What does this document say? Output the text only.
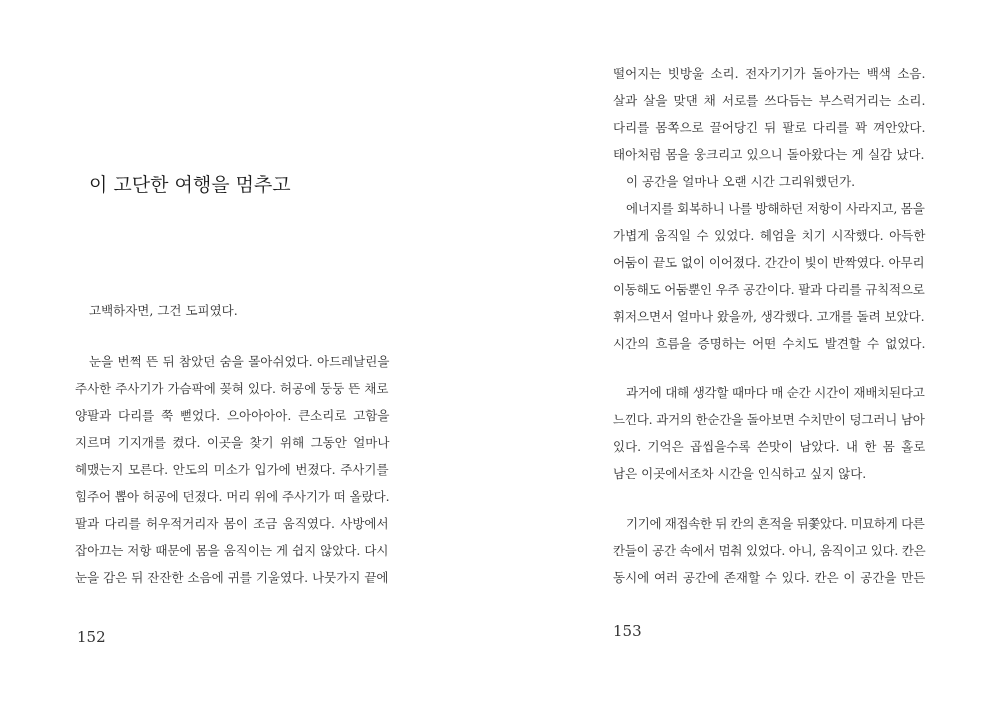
이 고단한 여행을 멈추고
고백하자면, 그건 도피였다.
눈을 번쩍 뜬 뒤 참았던 숨을 몰아쉬었다. 아드레날린을
주사한 주사기가 가슴팍에 꽂혀 있다. 허공에 둥둥 뜬 채로
양팔과 다리를 쭉 뻗었다. 으아아아아. 큰소리로 고함을
지르며 기지개를 켰다. 이곳을 찾기 위해 그동안 얼마나
헤맸는지 모른다. 안도의 미소가 입가에 번졌다. 주사기를
힘주어 뽑아 허공에 던졌다. 머리 위에 주사기가 떠 올랐다.
팔과 다리를 허우적거리자 몸이 조금 움직였다. 사방에서
잡아끄는 저항 때문에 몸을 움직이는 게 쉽지 않았다. 다시
눈을 감은 뒤 잔잔한 소음에 귀를 기울였다. 나뭇가지 끝에
152
떨어지는 빗방울 소리. 전자기기가 돌아가는 백색 소음.
살과 살을 맞댄 채 서로를 쓰다듬는 부스럭거리는 소리.
다리를 몸쪽으로 끌어당긴 뒤 팔로 다리를 꽉 껴안았다.
태아처럼 몸을 웅크리고 있으니 돌아왔다는 게 실감 났다.
이 공간을 얼마나 오랜 시간 그리워했던가.
에너지를 회복하니 나를 방해하던 저항이 사라지고, 몸을
가볍게 움직일 수 있었다. 헤엄을 치기 시작했다. 아득한
어둠이 끝도 없이 이어졌다. 간간이 빛이 반짝였다. 아무리
이동해도 어둠뿐인 우주 공간이다. 팔과 다리를 규칙적으로
휘저으면서 얼마나 왔을까, 생각했다. 고개를 돌려 보았다.
시간의 흐름을 증명하는 어떤 수치도 발견할 수 없었다.
과거에 대해 생각할 때마다 매 순간 시간이 재배치된다고
느낀다. 과거의 한순간을 돌아보면 수치만이 덩그러니 남아
있다. 기억은 곱씹을수록 쓴맛이 남았다. 내 한 몸 홀로
남은 이곳에서조차 시간을 인식하고 싶지 않다.
기기에 재접속한 뒤 칸의 흔적을 뒤쫓았다. 미묘하게 다른
칸들이 공간 속에서 멈춰 있었다. 아니, 움직이고 있다. 칸은
동시에 여러 공간에 존재할 수 있다. 칸은 이 공간을 만든
153
